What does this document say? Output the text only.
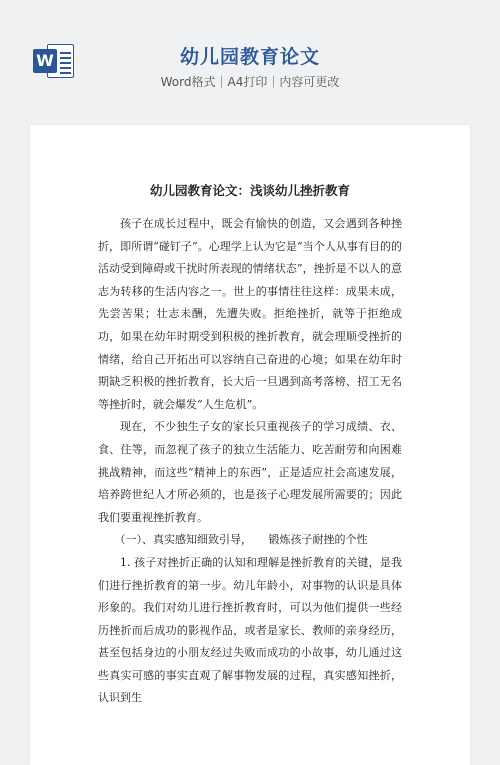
W	幼儿园教育论文
Word格式｜A4打印｜内容可更改
幼儿园教育论文：浅谈幼儿挫折教育

孩子在成长过程中，既会有愉快的创造，又会遇到各种挫折，即所谓“碰钉子”。心理学上认为它是“当个人从事有目的的活动受到障碍或干扰时所表现的情绪状态”，挫折是不以人的意志为转移的生活内容之一。世上的事情往往这样：成果未成，先尝苦果；壮志未酬，先遭失败。拒绝挫折，就等于拒绝成功，如果在幼年时期受到积极的挫折教育，就会理顺受挫折的情绪，给自己开拓出可以容纳自己奋进的心境；如果在幼年时期缺乏积极的挫折教育，长大后一旦遇到高考落榜、招工无名等挫折时，就会爆发“人生危机”。

现在，不少独生子女的家长只重视孩子的学习成绩、衣、食、住等，而忽视了孩子的独立生活能力、吃苦耐劳和向困难挑战精神，而这些“精神上的东西”，正是适应社会高速发展，培养跨世纪人才所必须的，也是孩子心理发展所需要的；因此我们要重视挫折教育。

（一）、真实感知细致引导，　　锻炼孩子耐挫的个性

1. 孩子对挫折正确的认知和理解是挫折教育的关键，是我们进行挫折教育的第一步。幼儿年龄小，对事物的认识是具体形象的。我们对幼儿进行挫折教育时，可以为他们提供一些经历挫折而后成功的影视作品，或者是家长、教师的亲身经历，甚至包括身边的小朋友经过失败而成功的小故事，幼儿通过这些真实可感的事实直观了解事物发展的过程，真实感知挫折，认识到生
